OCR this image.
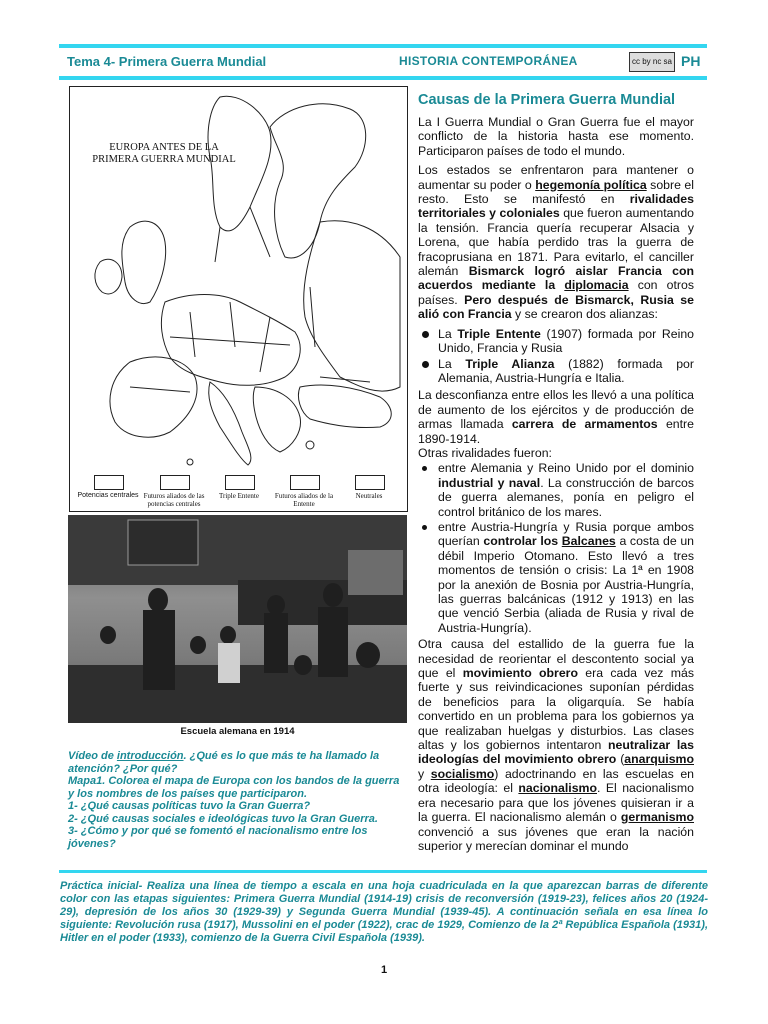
Tema 4- Primera Guerra Mundial	HISTORIA CONTEMPORÁNEA	cc by nc sa PH
EUROPA ANTES DE LA
PRIMERA GUERRA MUNDIAL
Potencias centrales Futuros aliados de las potencias centrales
Triple Entente	Futuros aliados de la Entente
Neutrales
Escuela alemana en 1914
Vídeo de introducción. ¿Qué es lo que más te ha llamado la atención? ¿Por qué?
Mapa1. Colorea el mapa de Europa con los bandos de la guerra y los nombres de los países que participaron.
1- ¿Qué causas políticas tuvo la Gran Guerra?
2- ¿Qué causas sociales e ideológicas tuvo la Gran Guerra.
3- ¿Cómo y por qué se fomentó el nacionalismo entre los jóvenes?
Causas de la Primera Guerra Mundial

La I Guerra Mundial o Gran Guerra fue el mayor conflicto de la historia hasta ese momento. Participaron países de todo el mundo.

Los estados se enfrentaron para mantener o aumentar su poder o hegemonía política sobre el resto. Esto se manifestó en rivalidades territoriales y coloniales que fueron aumentando la tensión. Francia quería recuperar Alsacia y Lorena, que había perdido tras la guerra de fracoprusiana en 1871. Para evitarlo, el canciller alemán Bismarck logró aislar Francia con acuerdos mediante la diplomacia con otros países. Pero después de Bismarck, Rusia se alió con Francia y se crearon dos alianzas:

La Triple Entente (1907) formada por Reino Unido, Francia y Rusia
La Triple Alianza (1882) formada por Alemania, Austria-Hungría e Italia.

La desconfianza entre ellos les llevó a una política de aumento de los ejércitos y de producción de armas llamada carrera de armamentos entre 1890-1914.

Otras rivalidades fueron:

entre Alemania y Reino Unido por el dominio industrial y naval. La construcción de barcos de guerra alemanes, ponía en peligro el control británico de los mares.
entre Austria-Hungría y Rusia porque ambos querían controlar los Balcanes a costa de un débil Imperio Otomano. Esto llevó a tres momentos de tensión o crisis: La 1ª en 1908 por la anexión de Bosnia por Austria-Hungría, las guerras balcánicas (1912 y 1913) en las que venció Serbia (aliada de Rusia y rival de Austria-Hungría).

Otra causa del estallido de la guerra fue la necesidad de reorientar el descontento social ya que el movimiento obrero era cada vez más fuerte y sus reivindicaciones suponían pérdidas de beneficios para la oligarquía. Se había convertido en un problema para los gobiernos ya que realizaban huelgas y disturbios. Las clases altas y los gobiernos intentaron neutralizar las ideologías del movimiento obrero (anarquismo y socialismo) adoctrinando en las escuelas en otra ideología: el nacionalismo. El nacionalismo era necesario para que los jóvenes quisieran ir a la guerra. El nacionalismo alemán o germanismo convenció a sus jóvenes que eran la nación superior y merecían dominar el mundo

Práctica inicial- Realiza una línea de tiempo a escala en una hoja cuadriculada en la que aparezcan barras de diferente color con las etapas siguientes: Primera Guerra Mundial (1914-19) crisis de reconversión (1919-23), felices años 20 (1924-29), depresión de los años 30 (1929-39) y Segunda Guerra Mundial (1939-45). A continuación señala en esa línea lo siguiente: Revolución rusa (1917), Mussolini en el poder (1922), crac de 1929, Comienzo de la 2ª República Española (1931), Hitler en el poder (1933), comienzo de la Guerra Civil Española (1939).
1
